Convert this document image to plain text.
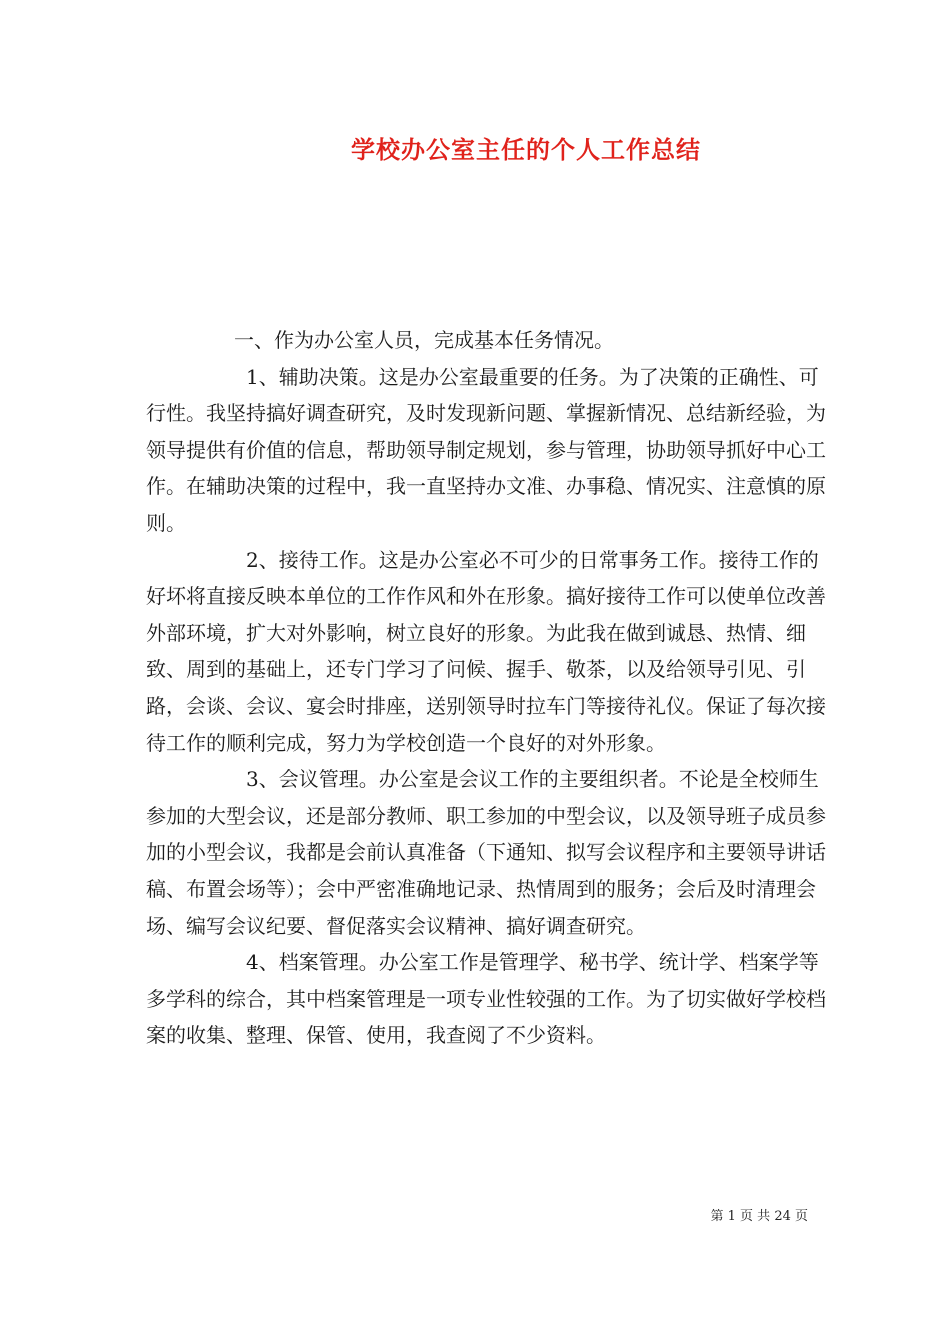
学校办公室主任的个人工作总结

一、作为办公室人员，完成基本任务情况。

1、辅助决策。这是办公室最重要的任务。为了决策的正确性、可行性。我坚持搞好调查研究，及时发现新问题、掌握新情况、总结新经验，为领导提供有价值的信息，帮助领导制定规划，参与管理，协助领导抓好中心工作。在辅助决策的过程中，我一直坚持办文准、办事稳、情况实、注意慎的原则。

2、接待工作。这是办公室必不可少的日常事务工作。接待工作的好坏将直接反映本单位的工作作风和外在形象。搞好接待工作可以使单位改善外部环境，扩大对外影响，树立良好的形象。为此我在做到诚恳、热情、细致、周到的基础上，还专门学习了问候、握手、敬茶，以及给领导引见、引路，会谈、会议、宴会时排座，送别领导时拉车门等接待礼仪。保证了每次接待工作的顺利完成，努力为学校创造一个良好的对外形象。

3、会议管理。办公室是会议工作的主要组织者。不论是全校师生参加的大型会议，还是部分教师、职工参加的中型会议，以及领导班子成员参加的小型会议，我都是会前认真准备（下通知、拟写会议程序和主要领导讲话稿、布置会场等）；会中严密准确地记录、热情周到的服务；会后及时清理会场、编写会议纪要、督促落实会议精神、搞好调查研究。

4、档案管理。办公室工作是管理学、秘书学、统计学、档案学等多学科的综合，其中档案管理是一项专业性较强的工作。为了切实做好学校档案的收集、整理、保管、使用，我查阅了不少资料。

第 1 页 共 24 页
